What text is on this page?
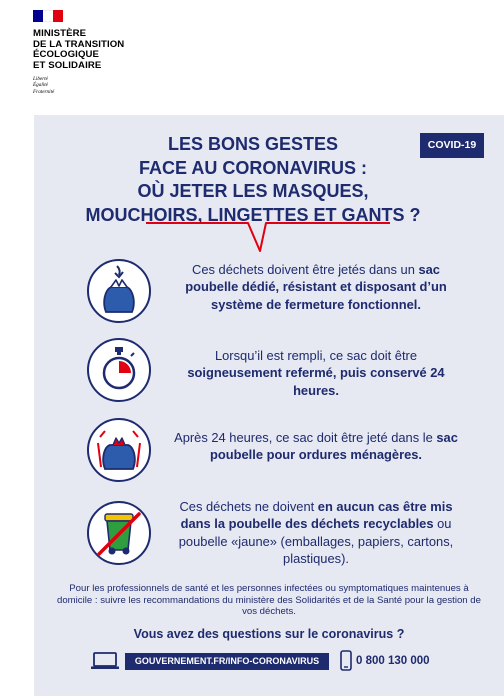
MINISTÈRE
DE LA TRANSITION
ÉCOLOGIQUE
ET SOLIDAIRE
Liberté
Égalité
Fraternité
COVID-19
LES BONS GESTES
FACE AU CORONAVIRUS :
OÙ JETER LES MASQUES,
MOUCHOIRS, LINGETTES ET GANTS ?
Ces déchets doivent être jetés dans un sac poubelle dédié, résistant et disposant d’un système de fermeture fonctionnel.
Lorsqu’il est rempli, ce sac doit être soigneusement refermé, puis conservé 24 heures.
Après 24 heures, ce sac doit être jeté dans le sac poubelle pour ordures ménagères.
Ces déchets ne doivent en aucun cas être mis dans la poubelle des déchets recyclables ou poubelle «jaune» (emballages, papiers, cartons, plastiques).
Pour les professionnels de santé et les personnes infectées ou symptomatiques maintenues à domicile : suivre les recommandations du ministère des Solidarités et de la Santé pour la gestion de vos déchets.
Vous avez des questions sur le coronavirus ?
GOUVERNEMENT.FR/INFO-CORONAVIRUS	0 800 130 000
